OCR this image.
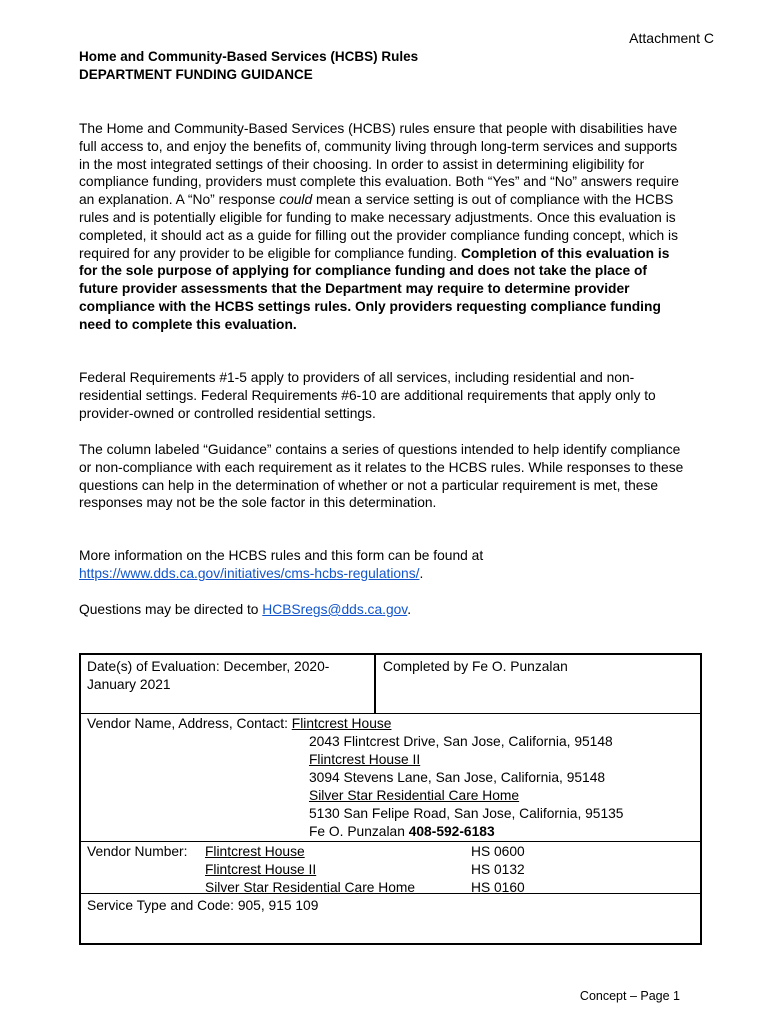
Attachment C
Home and Community-Based Services (HCBS) Rules
DEPARTMENT FUNDING GUIDANCE

The Home and Community-Based Services (HCBS) rules ensure that people with disabilities have full access to, and enjoy the benefits of, community living through long-term services and supports in the most integrated settings of their choosing. In order to assist in determining eligibility for compliance funding, providers must complete this evaluation. Both “Yes” and “No” answers require an explanation. A “No” response could mean a service setting is out of compliance with the HCBS rules and is potentially eligible for funding to make necessary adjustments. Once this evaluation is completed, it should act as a guide for filling out the provider compliance funding concept, which is required for any provider to be eligible for compliance funding. Completion of this evaluation is for the sole purpose of applying for compliance funding and does not take the place of future provider assessments that the Department may require to determine provider compliance with the HCBS settings rules. Only providers requesting compliance funding need to complete this evaluation.

Federal Requirements #1-5 apply to providers of all services, including residential and non-residential settings. Federal Requirements #6-10 are additional requirements that apply only to provider-owned or controlled residential settings.

The column labeled “Guidance” contains a series of questions intended to help identify compliance or non-compliance with each requirement as it relates to the HCBS rules. While responses to these questions can help in the determination of whether or not a particular requirement is met, these responses may not be the sole factor in this determination.

More information on the HCBS rules and this form can be found at
https://www.dds.ca.gov/initiatives/cms-hcbs-regulations/.

Questions may be directed to HCBSregs@dds.ca.gov.

Date(s) of Evaluation: December, 2020-January 2021
Completed by Fe O. Punzalan
Vendor Name, Address, Contact: Flintcrest House
2043 Flintcrest Drive, San Jose, California, 95148
Flintcrest House II
3094 Stevens Lane, San Jose, California, 95148
Silver Star Residential Care Home
5130 San Felipe Road, San Jose, California, 95135
Fe O. Punzalan 408-592-6183
Vendor Number: Flintcrest House	HS 0600
Flintcrest House II	HS 0132
Silver Star Residential Care Home	HS 0160
Service Type and Code: 905, 915 109
Concept – Page 1
